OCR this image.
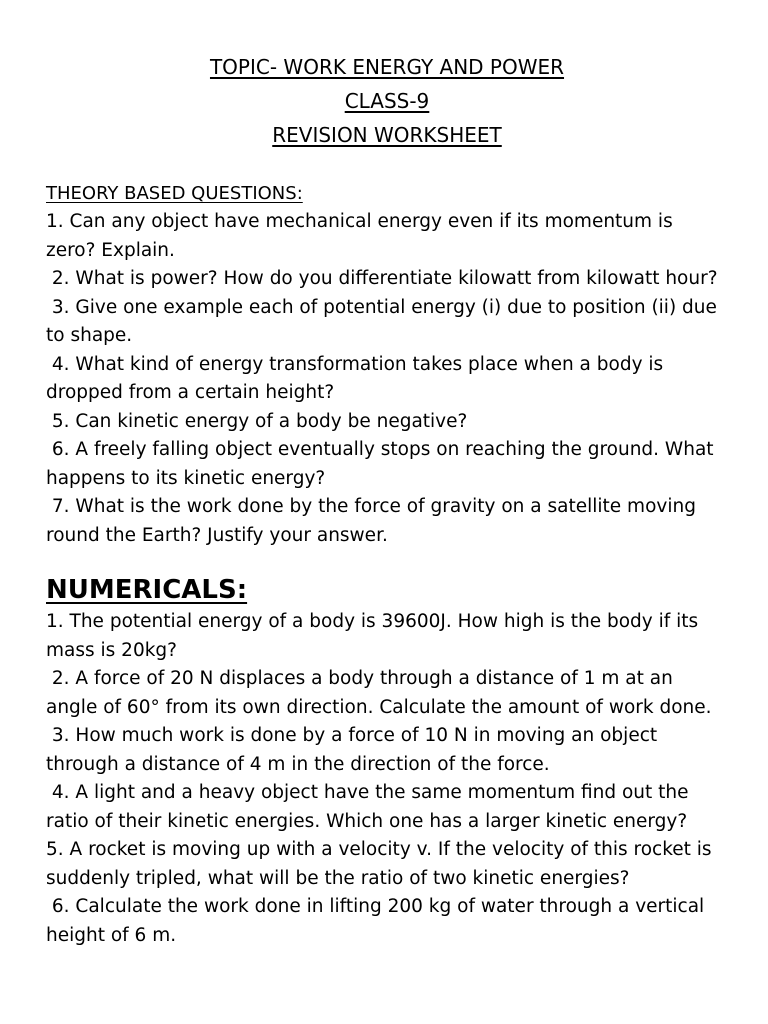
TOPIC- WORK ENERGY AND POWER
CLASS-9
REVISION WORKSHEET
THEORY BASED QUESTIONS:

1. Can any object have mechanical energy even if its momentum is zero? Explain.

2. What is power? How do you differentiate kilowatt from kilowatt hour?

3. Give one example each of potential energy (i) due to position (ii) due to shape.

4. What kind of energy transformation takes place when a body is dropped from a certain height?

5. Can kinetic energy of a body be negative?

6. A freely falling object eventually stops on reaching the ground. What happens to its kinetic energy?

7. What is the work done by the force of gravity on a satellite moving round the Earth? Justify your answer.

NUMERICALS:

1. The potential energy of a body is 39600J. How high is the body if its mass is 20kg?

2. A force of 20 N displaces a body through a distance of 1 m at an angle of 60° from its own direction. Calculate the amount of work done.

3. How much work is done by a force of 10 N in moving an object through a distance of 4 m in the direction of the force.

4. A light and a heavy object have the same momentum find out the ratio of their kinetic energies. Which one has a larger kinetic energy?

5. A rocket is moving up with a velocity v. If the velocity of this rocket is suddenly tripled, what will be the ratio of two kinetic energies?

6. Calculate the work done in lifting 200 kg of water through a vertical height of 6 m.
